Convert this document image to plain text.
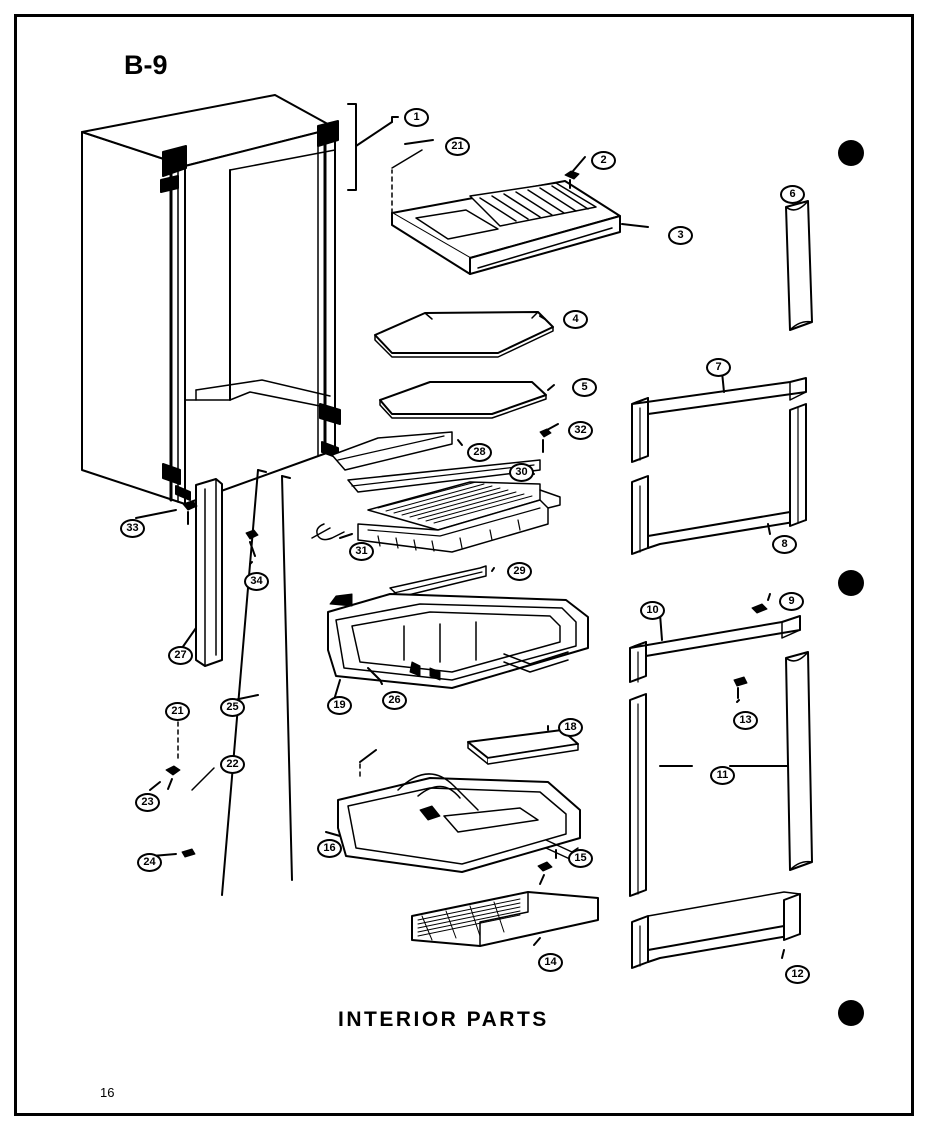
B-9
INTERIOR PARTS
16
1
21
2
6
3
4
5
7
32
28
30
33
8
31
34
29
10
9
27
19	26
13
18
21	25
11
23
22
24
16
15
14
12
